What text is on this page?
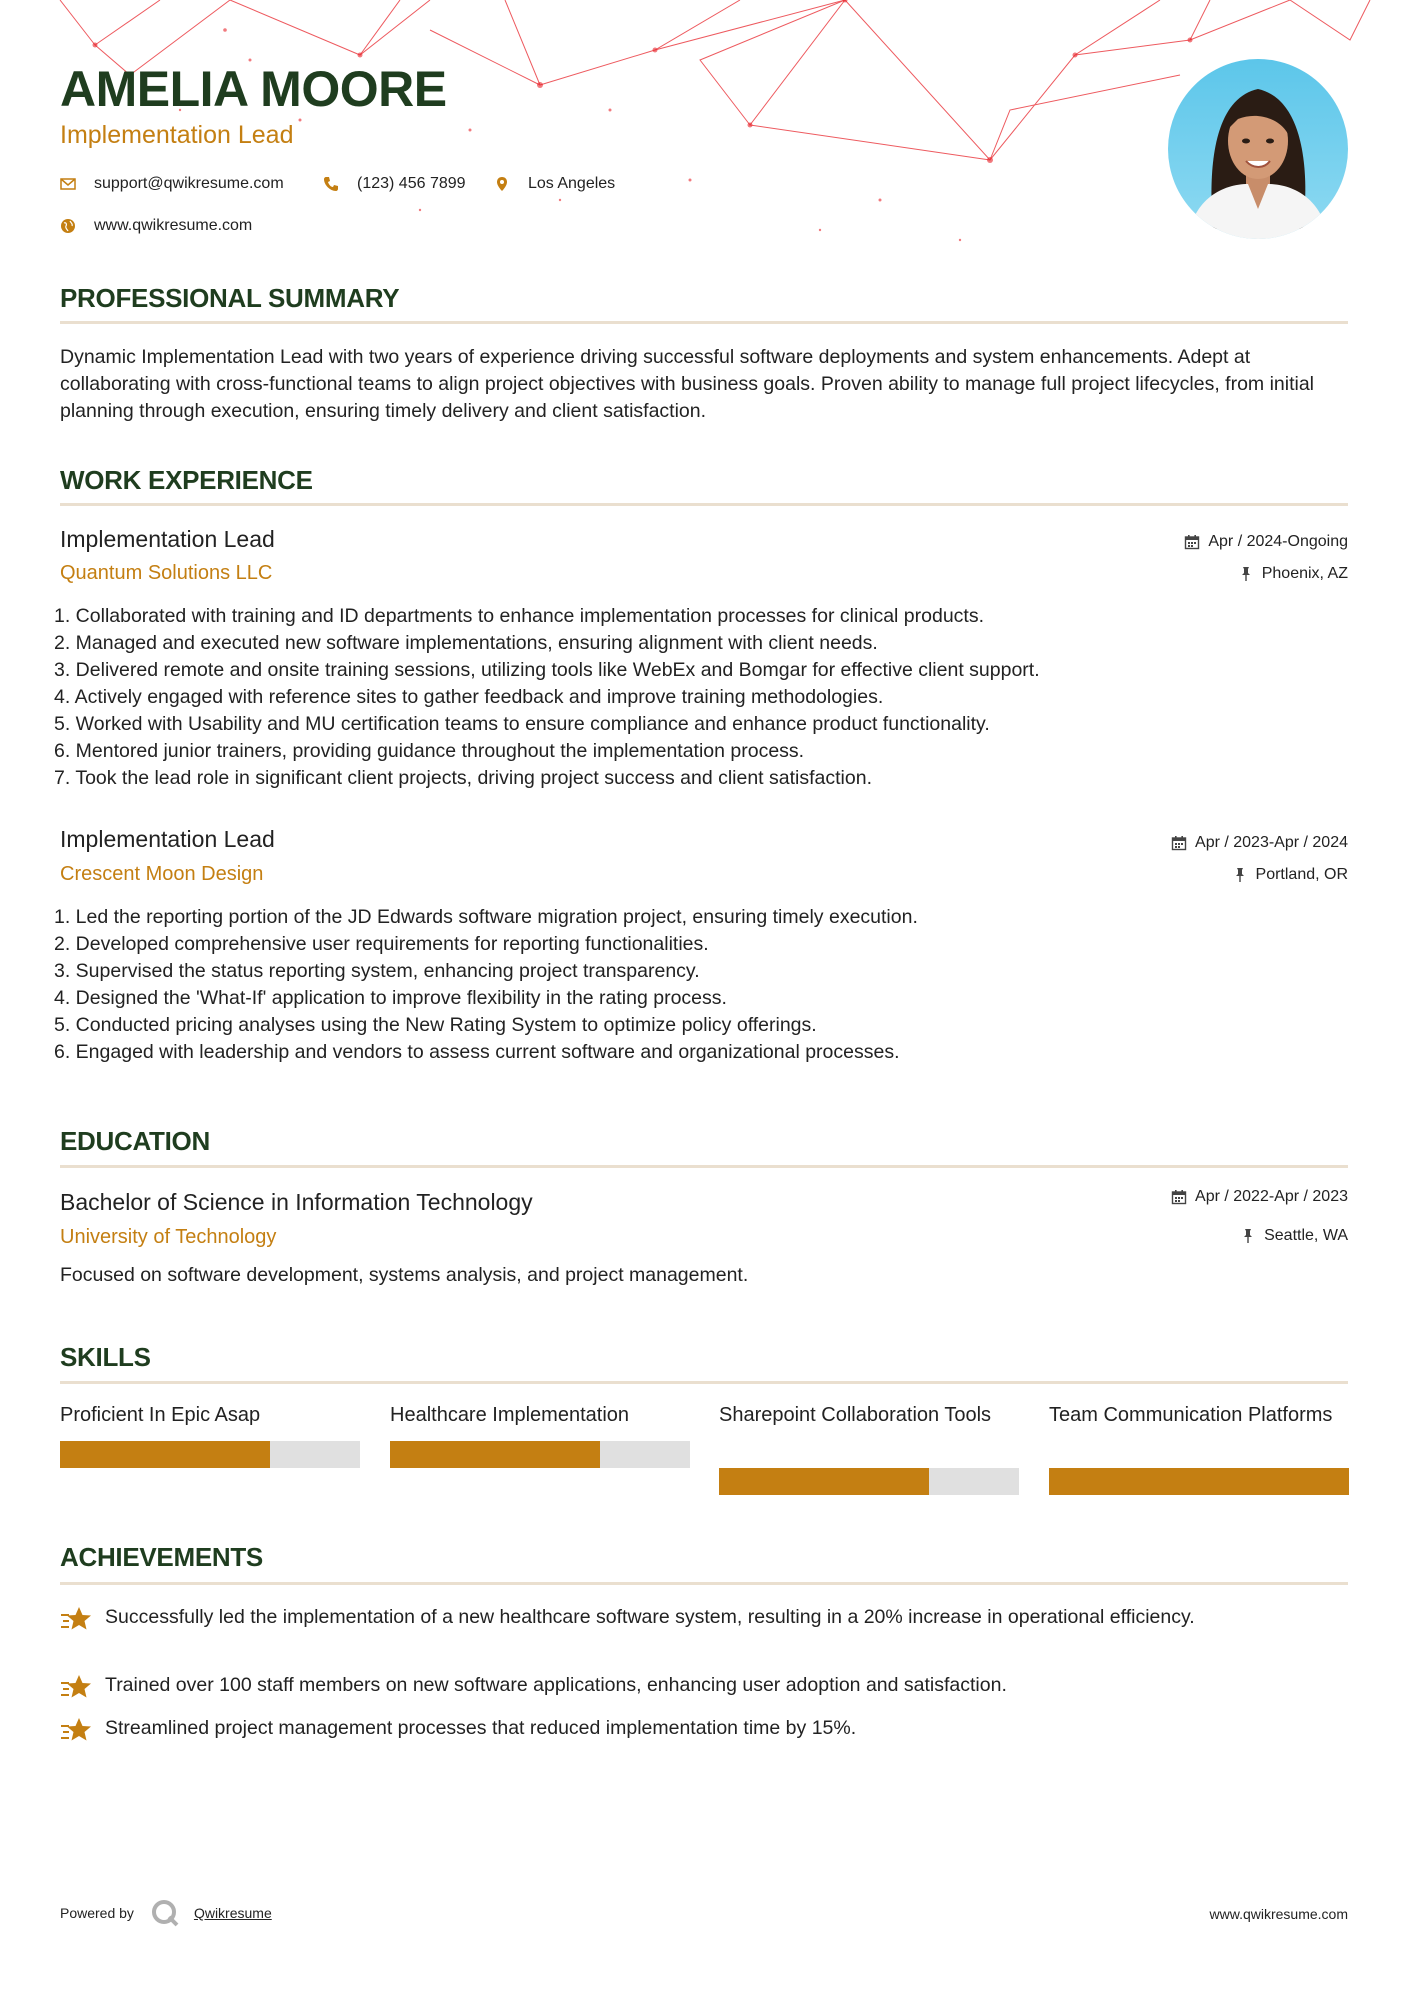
AMELIA MOORE
Implementation Lead
support@qwikresume.com	(123) 456 7899	Los Angeles
www.qwikresume.com
PROFESSIONAL SUMMARY
Dynamic Implementation Lead with two years of experience driving successful software deployments and system enhancements. Adept at collaborating with cross-functional teams to align project objectives with business goals. Proven ability to manage full project lifecycles, from initial planning through execution, ensuring timely delivery and client satisfaction.
WORK EXPERIENCE
Implementation Lead
Quantum Solutions LLC
Apr / 2024-Ongoing
Phoenix, AZ
1. Collaborated with training and ID departments to enhance implementation processes for clinical products.
2. Managed and executed new software implementations, ensuring alignment with client needs.
3. Delivered remote and onsite training sessions, utilizing tools like WebEx and Bomgar for effective client support.
4. Actively engaged with reference sites to gather feedback and improve training methodologies.
5. Worked with Usability and MU certification teams to ensure compliance and enhance product functionality.
6. Mentored junior trainers, providing guidance throughout the implementation process.
7. Took the lead role in significant client projects, driving project success and client satisfaction.
Implementation Lead
Crescent Moon Design
Apr / 2023-Apr / 2024
Portland, OR
1. Led the reporting portion of the JD Edwards software migration project, ensuring timely execution.
2. Developed comprehensive user requirements for reporting functionalities.
3. Supervised the status reporting system, enhancing project transparency.
4. Designed the 'What-If' application to improve flexibility in the rating process.
5. Conducted pricing analyses using the New Rating System to optimize policy offerings.
6. Engaged with leadership and vendors to assess current software and organizational processes.
EDUCATION
Bachelor of Science in Information Technology
University of Technology
Apr / 2022-Apr / 2023
Seattle, WA
Focused on software development, systems analysis, and project management.
SKILLS
Proficient In Epic Asap	Healthcare Implementation	Sharepoint Collaboration Tools	Team Communication Platforms
ACHIEVEMENTS
Successfully led the implementation of a new healthcare software system, resulting in a 20% increase in operational efficiency.
Trained over 100 staff members on new software applications, enhancing user adoption and satisfaction.
Streamlined project management processes that reduced implementation time by 15%.
Powered by	Qwikresume	www.qwikresume.com
